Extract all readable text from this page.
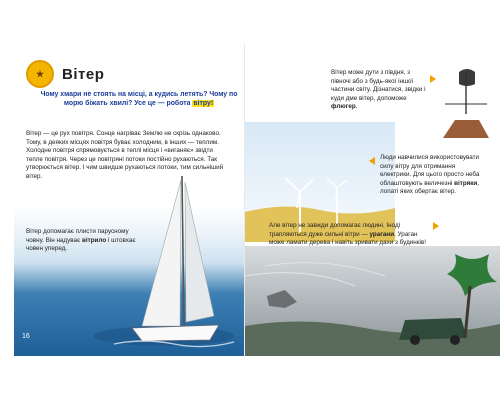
★	Вітер
Чому хмари не стоять на місці, а кудись летять? Чому по морю біжать хвилі? Усе це — робота вітру!
Вітер — це рух повітря. Сонце нагріває Землю не скрізь однаково. Тому, в деяких місцях повітря буває холодним, в інших — теплим. Холодне повітря спрямовується в теплі місця і «виганяє» звідти тепле повітря. Через це повітряні потоки постійно рухаються. Так утворюється вітер. І чим швидше рухаються потоки, тим сильніший вітер.
Вітер допомагає плисти парусному човну. Він надуває вітрило і штовхає човен уперед.
16
Вітер може дути з півдня, з півночі або з будь-якої іншої частини світу. Дізнатися, звідки і куди дме вітер, допоможе флюгер.
Люди навчилися використовувати силу вітру для отримання електрики. Для цього просто неба облаштовують величезні вітряки, лопаті яких обертає вітер.
Але вітер не завжди допомагає людині. Іноді трапляються дуже сильні вітри — урагани. Ураган може ламати дерева і навіть зривати дахи з будинків!
